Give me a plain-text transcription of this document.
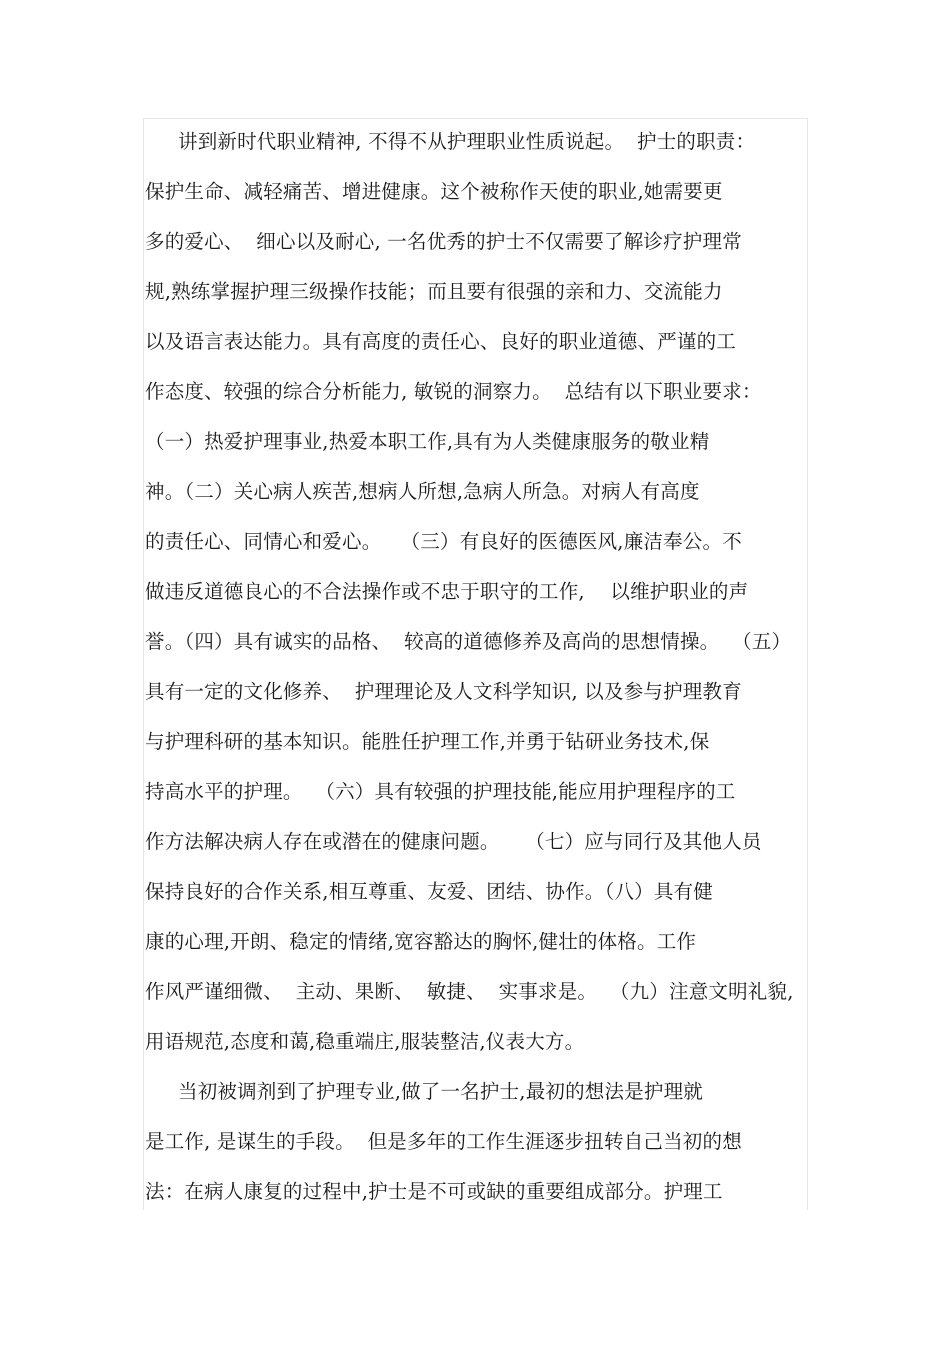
讲到新时代职业精神, 不得不从护理职业性质说起。  护士的职责：
保护生命、减轻痛苦、增进健康。这个被称作天使的职业,她需要更
多的爱心、  细心以及耐心, 一名优秀的护士不仅需要了解诊疗护理常
规,熟练掌握护理三级操作技能；而且要有很强的亲和力、交流能力
以及语言表达能力。具有高度的责任心、良好的职业道德、严谨的工
作态度、较强的综合分析能力, 敏锐的洞察力。  总结有以下职业要求：
（一）热爱护理事业,热爱本职工作,具有为人类健康服务的敬业精
神。（二）关心病人疾苦,想病人所想,急病人所急。对病人有高度
的责任心、同情心和爱心。   （三）有良好的医德医风,廉洁奉公。不
做违反道德良心的不合法操作或不忠于职守的工作,    以维护职业的声
誉。（四）具有诚实的品格、  较高的道德修养及高尚的思想情操。  （五）
具有一定的文化修养、  护理理论及人文科学知识, 以及参与护理教育
与护理科研的基本知识。能胜任护理工作,并勇于钻研业务技术,保
持高水平的护理。  （六）具有较强的护理技能,能应用护理程序的工
作方法解决病人存在或潜在的健康问题。    （七）应与同行及其他人员
保持良好的合作关系,相互尊重、友爱、团结、协作。（八）具有健
康的心理,开朗、稳定的情绪,宽容豁达的胸怀,健壮的体格。工作
作风严谨细微、  主动、果断、  敏捷、  实事求是。  （九）注意文明礼貌,
用语规范,态度和蔼,稳重端庄,服装整洁,仪表大方。
当初被调剂到了护理专业,做了一名护士,最初的想法是护理就
是工作, 是谋生的手段。  但是多年的工作生涯逐步扭转自己当初的想
法：在病人康复的过程中,护士是不可或缺的重要组成部分。护理工
